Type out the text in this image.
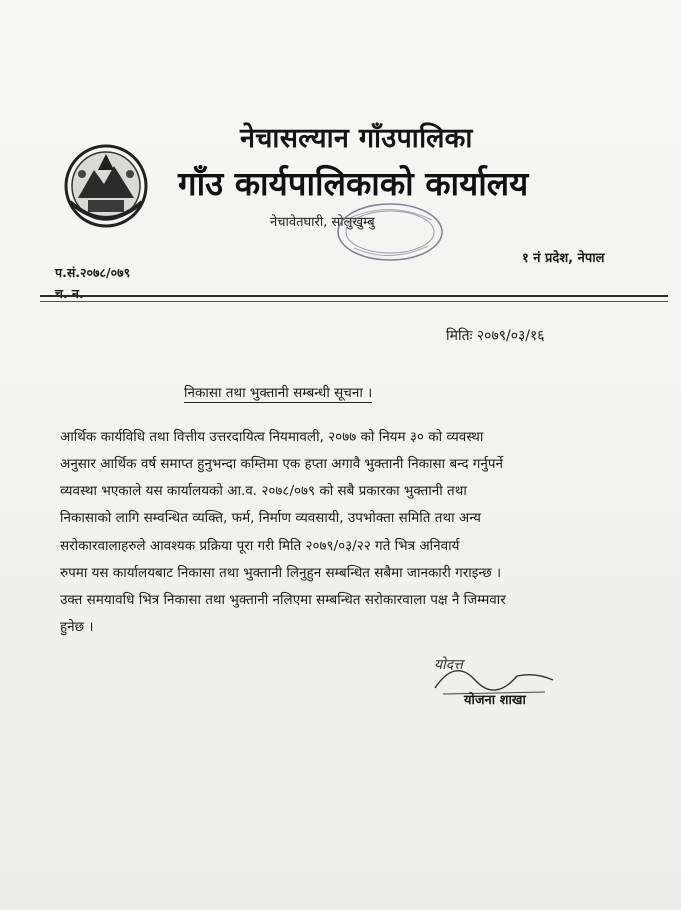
नेचासल्यान गाँउपालिका
गाँउ कार्यपालिकाको कार्यालय
नेचावेतघारी, सोलुखुम्बु
१ नं प्रदेश, नेपाल
प.सं.२०७८/०७९
च. न.
मितिः २०७९/०३/१६
निकासा तथा भुक्तानी सम्बन्धी सूचना ।
आर्थिक कार्यविधि तथा वित्तीय उत्तरदायित्व नियमावली, २०७७ को नियम ३० को व्यवस्था
अनुसार आर्थिक वर्ष समाप्त हुनुभन्दा कम्तिमा एक हप्ता अगावै भुक्तानी निकासा बन्द गर्नुपर्ने
व्यवस्था भएकाले यस कार्यालयको आ.व. २०७८/०७९ को सबै प्रकारका भुक्तानी तथा
निकासाको लागि सम्वन्धित व्यक्ति, फर्म, निर्माण व्यवसायी, उपभोक्ता समिति तथा अन्य
सरोकारवालाहरुले आवश्यक प्रक्रिया पूरा गरी मिति २०७९/०३/२२ गते भित्र अनिवार्य
रुपमा यस कार्यालयबाट निकासा तथा भुक्तानी लिनुहुन सम्बन्धित सबैमा जानकारी गराइन्छ ।
उक्त समयावधि भित्र निकासा तथा भुक्तानी नलिएमा सम्बन्धित सरोकारवाला पक्ष नै जिम्मवार
हुनेछ ।
योदत्त
योजना शाखा
